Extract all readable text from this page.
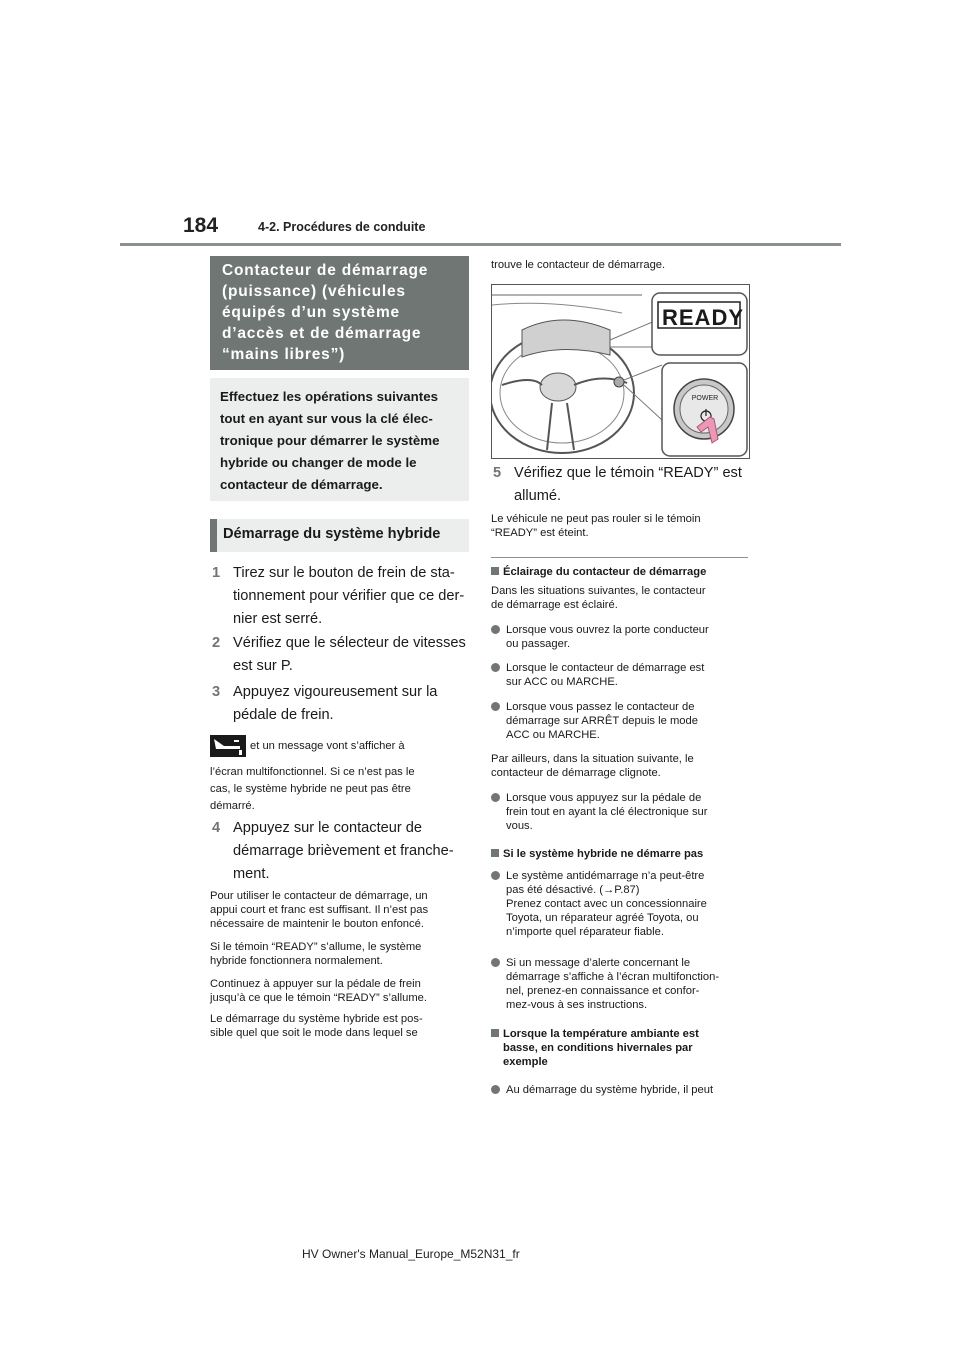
184	4-2. Procédures de conduite
Contacteur de démarrage
(puissance) (véhicules
équipés d’un système
d’accès et de démarrage
“mains libres”)
Effectuez les opérations suivantes
tout en ayant sur vous la clé élec-
tronique pour démarrer le système
hybride ou changer de mode le
contacteur de démarrage.
Démarrage du système hybride
1 Tirez sur le bouton de frein de sta-
tionnement pour vérifier que ce der-
nier est serré.
2 Vérifiez que le sélecteur de vitesses
est sur P.
3 Appuyez vigoureusement sur la
pédale de frein.
et un message vont s’afficher à
l’écran multifonctionnel. Si ce n’est pas le
cas, le système hybride ne peut pas être
démarré.
4 Appuyez sur le contacteur de
démarrage brièvement et franche-
ment.
Pour utiliser le contacteur de démarrage, un
appui court et franc est suffisant. Il n’est pas
nécessaire de maintenir le bouton enfoncé.
Si le témoin “READY” s’allume, le système
hybride fonctionnera normalement.
Continuez à appuyer sur la pédale de frein
jusqu’à ce que le témoin “READY” s’allume.
Le démarrage du système hybride est pos-
sible quel que soit le mode dans lequel se
trouve le contacteur de démarrage.
READY
POWER
5 Vérifiez que le témoin “READY” est
allumé.
Le véhicule ne peut pas rouler si le témoin
“READY” est éteint.
Éclairage du contacteur de démarrage
Dans les situations suivantes, le contacteur
de démarrage est éclairé.
Lorsque vous ouvrez la porte conducteur
ou passager.
Lorsque le contacteur de démarrage est
sur ACC ou MARCHE.
Lorsque vous passez le contacteur de
démarrage sur ARRÊT depuis le mode
ACC ou MARCHE.
Par ailleurs, dans la situation suivante, le
contacteur de démarrage clignote.
Lorsque vous appuyez sur la pédale de
frein tout en ayant la clé électronique sur
vous.
Si le système hybride ne démarre pas
Le système antidémarrage n’a peut-être
pas été désactivé. (→P.87)
Prenez contact avec un concessionnaire
Toyota, un réparateur agréé Toyota, ou
n’importe quel réparateur fiable.
Si un message d’alerte concernant le
démarrage s’affiche à l’écran multifonction-
nel, prenez-en connaissance et confor-
mez-vous à ses instructions.
Lorsque la température ambiante est
basse, en conditions hivernales par
exemple
Au démarrage du système hybride, il peut
HV Owner's Manual_Europe_M52N31_fr
